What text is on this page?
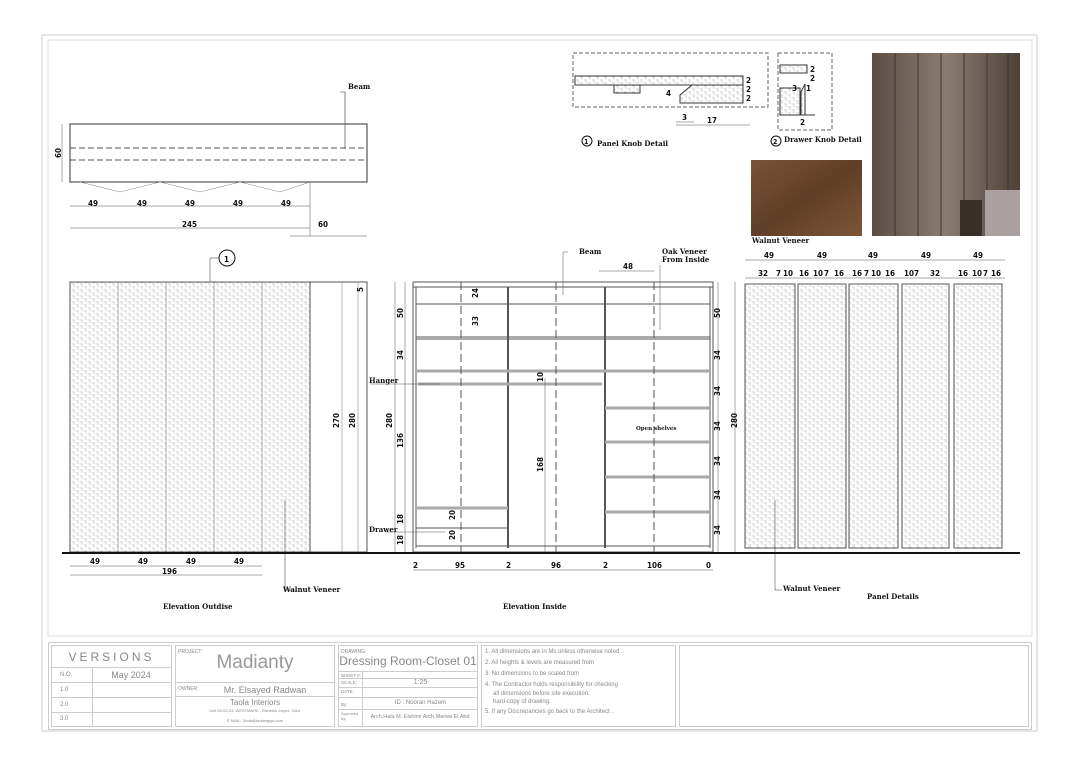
Beam
49	49	49	49	49
245	60
60
2
2
2
4
3 17
1 Panel Knob Detail
2
2
3 1
2
2 Drawer Knob Detail
Walnut Veneer
1
49	49	49	49
196
270 280
5
Walnut Veneer
Elevation Outdise
Beam	Oak Veneer
From Inside
48
Hanger
Drawer
Open shelves
50
34
136
18
18
280
50
34
34
34
34
34
34
280
24
33
10
168
20
20
2	95	2	96	2	106	0
Elevation Inside
49	49	49	49	49
32 7 10 16 10 7 16 16 7 10 16 10 7 32 16 10 7 16
Walnut Veneer
Panel Details
VERSIONS
N.O.	May 2024
1.0
2.0
3.0
PROJECT: Madianty
OWNER:	Mr. Elsayed Radwan
Taola Interiors
Unit 83-02-03, WESTMARK , Elsheikh Zayed, Giza.
E-MAIL: Taola@taolaegypt.com
DRAWING:
Dressing Room-Closet 01
SHEET #:
SCALE:	1:25
DATE:
By:	ID : Nooran Hazem
Approved by:	Arch.Hala M. Elshimi Arch.Marwa El Abd
1. All dimensions are in Ms unless otherwise noted .
2. All heights & levels are measured from
3. No dimensions to be scaled from
4. The Contractor holds responsibility for checking
all dimensions before site execution.
hard-copy of drawing.
5. If any Discrepancies go back to the Architect .
